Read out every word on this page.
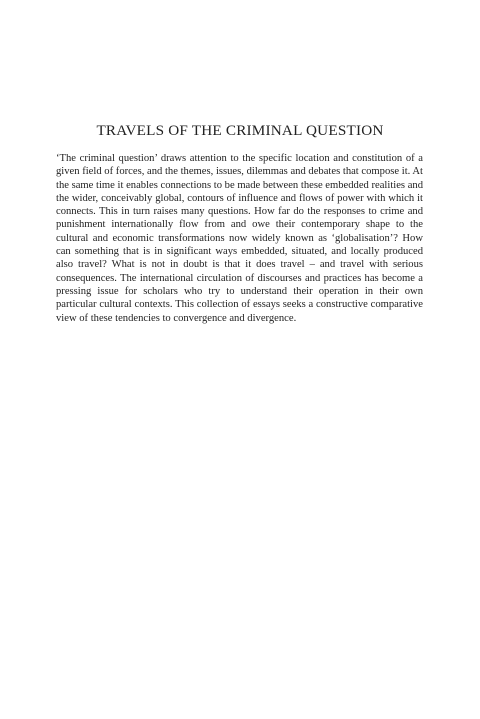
TRAVELS OF THE CRIMINAL QUESTION

‘The criminal question’ draws attention to the specific location and constitution of a given field of forces, and the themes, issues, dilemmas and debates that compose it. At the same time it enables connections to be made between these embedded realities and the wider, conceivably global, contours of influence and flows of power with which it connects. This in turn raises many questions. How far do the responses to crime and punishment internationally flow from and owe their contemporary shape to the cultural and economic transformations now widely known as ‘globalisation’? How can something that is in significant ways embedded, situated, and locally produced also travel? What is not in doubt is that it does travel – and travel with serious consequences. The international circulation of discourses and practices has become a pressing issue for scholars who try to understand their operation in their own particular cultural contexts. This collection of essays seeks a constructive comparative view of these tendencies to convergence and divergence.
